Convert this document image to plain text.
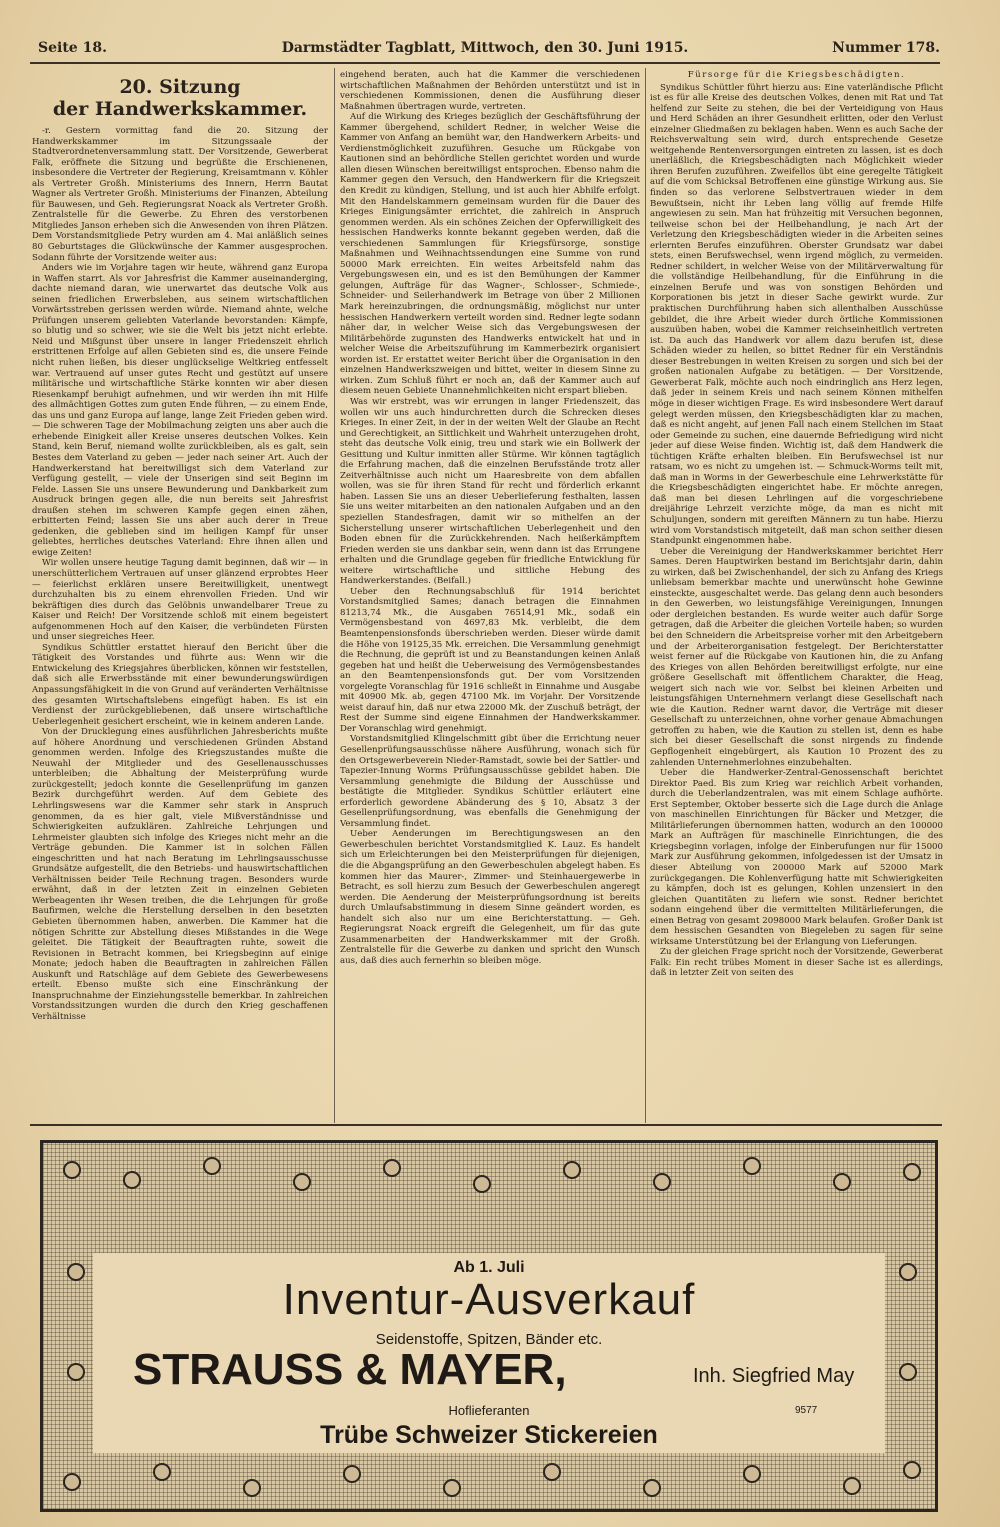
Seite 18.	Darmstädter Tagblatt, Mittwoch, den 30. Juni 1915.	Nummer 178.
20. Sitzung
der Handwerkskammer.

-r. Gestern vormittag fand die 20. Sitzung der Handwerkskammer im Sitzungssaale der Stadtverordnetenversammlung statt. Der Vorsitzende, Gewerberat Falk, eröffnete die Sitzung und begrüßte die Erschienenen, insbesondere die Vertreter der Regierung, Kreisamtmann v. Köhler als Vertreter Großh. Ministeriums des Innern, Herrn Bautat Wagner als Vertreter Großh. Ministeriums der Finanzen, Abteilung für Bauwesen, und Geh. Regierungsrat Noack als Vertreter Großh. Zentralstelle für die Gewerbe. Zu Ehren des verstorbenen Mitgliedes Janson erheben sich die Anwesenden von ihren Plätzen. Dem Vorstandsmitgliede Petry wurden am 4. Mai anläßlich seines 80 Geburtstages die Glückwünsche der Kammer ausgesprochen. Sodann führte der Vorsitzende weiter aus:

Anders wie im Vorjahre tagen wir heute, während ganz Europa in Waffen starrt. Als vor Jahresfrist die Kammer auseinanderging, dachte niemand daran, wie unerwartet das deutsche Volk aus seinen friedlichen Erwerbsleben, aus seinem wirtschaftlichen Vorwärtsstreben gerissen werden würde. Niemand ahnte, welche Prüfungen unserem geliebten Vaterlande bevorstanden: Kämpfe, so blutig und so schwer, wie sie die Welt bis jetzt nicht erlebte. Neid und Mißgunst über unsere in langer Friedenszeit ehrlich erstrittenen Erfolge auf allen Gebieten sind es, die unsere Feinde nicht ruhen ließen, bis dieser unglückselige Weltkrieg entfesselt war. Vertrauend auf unser gutes Recht und gestützt auf unsere militärische und wirtschaftliche Stärke konnten wir aber diesen Riesenkampf beruhigt aufnehmen, und wir werden ihn mit Hilfe des allmächtigen Gottes zum guten Ende führen, — zu einem Ende, das uns und ganz Europa auf lange, lange Zeit Frieden geben wird. — Die schweren Tage der Mobilmachung zeigten uns aber auch die erhebende Einigkeit aller Kreise unseres deutschen Volkes. Kein Stand, kein Beruf, niemand wollte zurückbleiben, als es galt, sein Bestes dem Vaterland zu geben — jeder nach seiner Art. Auch der Handwerkerstand hat bereitwilligst sich dem Vaterland zur Verfügung gestellt, — viele der Unserigen sind seit Beginn im Felde. Lassen Sie uns unsere Bewunderung und Dankbarkeit zum Ausdruck bringen gegen alle, die nun bereits seit Jahresfrist draußen stehen im schweren Kampfe gegen einen zähen, erbitterten Feind; lassen Sie uns aber auch derer in Treue gedenken, die geblieben sind im heiligen Kampf für unser geliebtes, herrliches deutsches Vaterland: Ehre ihnen allen und ewige Zeiten!

Wir wollen unsere heutige Tagung damit beginnen, daß wir — in unerschütterlichem Vertrauen auf unser glänzend erprobtes Heer — feierlichst erklären unsere Bereitwilligkeit, unentwegt durchzuhalten bis zu einem ehrenvollen Frieden. Und wir bekräftigen dies durch das Gelöbnis unwandelbarer Treue zu Kaiser und Reich! Der Vorsitzende schloß mit einem begeistert aufgenommenen Hoch auf den Kaiser, die verbündeten Fürsten und unser siegreiches Heer.

Syndikus Schüttler erstattet hierauf den Bericht über die Tätigkeit des Vorstandes und führte aus: Wenn wir die Entwickelung des Kriegsjahres überblicken, können wir feststellen, daß sich alle Erwerbsstände mit einer bewunderungswürdigen Anpassungsfähigkeit in die von Grund auf veränderten Verhältnisse des gesamten Wirtschaftslebens eingefügt haben. Es ist ein Verdienst der zurückgebliebenen, daß unsere wirtschaftliche Ueberlegenheit gesichert erscheint, wie in keinem anderen Lande.

Von der Drucklegung eines ausführlichen Jahresberichts mußte auf höhere Anordnung und verschiedenen Gründen Abstand genommen werden. Infolge des Kriegszustandes mußte die Neuwahl der Mitglieder und des Gesellenausschusses unterbleiben; die Abhaltung der Meisterprüfung wurde zurückgestellt; jedoch konnte die Gesellenprüfung im ganzen Bezirk durchgeführt werden. Auf dem Gebiete des Lehrlingswesens war die Kammer sehr stark in Anspruch genommen, da es hier galt, viele Mißverständnisse und Schwierigkeiten aufzuklären. Zahlreiche Lehrjungen und Lehrmeister glaubten sich infolge des Krieges nicht mehr an die Verträge gebunden. Die Kammer ist in solchen Fällen eingeschritten und hat nach Beratung im Lehrlingsausschusse Grundsätze aufgestellt, die den Betriebs- und hauswirtschaftlichen Verhältnissen beider Teile Rechnung tragen. Besonders wurde erwähnt, daß in der letzten Zeit in einzelnen Gebieten Werbeagenten ihr Wesen treiben, die die Lehrjungen für große Baufirmen, welche die Herstellung derselben in den besetzten Gebieten übernommen haben, anwerben. Die Kammer hat die nötigen Schritte zur Abstellung dieses Mißstandes in die Wege geleitet. Die Tätigkeit der Beauftragten ruhte, soweit die Revisionen in Betracht kommen, bei Kriegsbeginn auf einige Monate; jedoch haben die Beauftragten in zahlreichen Fällen Auskunft und Ratschläge auf dem Gebiete des Gewerbewesens erteilt. Ebenso mußte sich eine Einschränkung der Inanspruchnahme der Einziehungsstelle bemerkbar. In zahlreichen Vorstandssitzungen wurden die durch den Krieg geschaffenen Verhältnisse

eingehend beraten, auch hat die Kammer die verschiedenen wirtschaftlichen Maßnahmen der Behörden unterstützt und ist in verschiedenen Kommissionen, denen die Ausführung dieser Maßnahmen übertragen wurde, vertreten.

Auf die Wirkung des Krieges bezüglich der Geschäftsführung der Kammer übergehend, schildert Redner, in welcher Weise die Kammer von Anfang an bemüht war, den Handwerkern Arbeits- und Verdienstmöglichkeit zuzuführen. Gesuche um Rückgabe von Kautionen sind an behördliche Stellen gerichtet worden und wurde allen diesen Wünschen bereitwilligst entsprochen. Ebenso nahm die Kammer gegen den Versuch, den Handwerkern für die Kriegszeit den Kredit zu kündigen, Stellung, und ist auch hier Abhilfe erfolgt. Mit den Handelskammern gemeinsam wurden für die Dauer des Krieges Einigungsämter errichtet, die zahlreich in Anspruch genommen werden. Als ein schönes Zeichen der Opferwilligkeit des hessischen Handwerks konnte bekannt gegeben werden, daß die verschiedenen Sammlungen für Kriegsfürsorge, sonstige Maßnahmen und Weihnachtssendungen eine Summe von rund 50000 Mark erreichten. Ein weites Arbeitsfeld nahm das Vergebungswesen ein, und es ist den Bemühungen der Kammer gelungen, Aufträge für das Wagner-, Schlosser-, Schmiede-, Schneider- und Seilerhandwerk im Betrage von über 2 Millionen Mark hereinzubringen, die ordnungsmäßig, möglichst nur unter hessischen Handwerkern verteilt worden sind. Redner legte sodann näher dar, in welcher Weise sich das Vergebungswesen der Militärbehörde zugunsten des Handwerks entwickelt hat und in welcher Weise die Arbeitszuführung im Kammerbezirk organisiert worden ist. Er erstattet weiter Bericht über die Organisation in den einzelnen Handwerkszweigen und bittet, weiter in diesem Sinne zu wirken. Zum Schluß führt er noch an, daß der Kammer auch auf diesem neuen Gebiete Unannehmlichkeiten nicht erspart blieben.

Was wir erstrebt, was wir errungen in langer Friedenszeit, das wollen wir uns auch hindurchretten durch die Schrecken dieses Krieges. In einer Zeit, in der in der weiten Welt der Glaube an Recht und Gerechtigkeit, an Sittlichkeit und Wahrheit unterzugehen droht, steht das deutsche Volk einig, treu und stark wie ein Bollwerk der Gesittung und Kultur inmitten aller Stürme. Wir können tagtäglich die Erfahrung machen, daß die einzelnen Berufsstände trotz aller Zeitverhältnisse auch nicht um Haaresbreite von dem abfallen wollen, was sie für ihren Stand für recht und förderlich erkannt haben. Lassen Sie uns an dieser Ueberlieferung festhalten, lassen Sie uns weiter mitarbeiten an den nationalen Aufgaben und an den speziellen Standesfragen, damit wir so mithelfen an der Sicherstellung unserer wirtschaftlichen Ueberlegenheit und den Boden ebnen für die Zurückkehrenden. Nach heißerkämpftem Frieden werden sie uns dankbar sein, wenn dann ist das Errungene erhalten und die Grundlage gegeben für friedliche Entwicklung für weitere wirtschaftliche und sittliche Hebung des Handwerkerstandes. (Beifall.)

Ueber den Rechnungsabschluß für 1914 berichtet Vorstandsmitglied Sames; danach betragen die Einnahmen 81213,74 Mk., die Ausgaben 76514,91 Mk., sodaß ein Vermögensbestand von 4697,83 Mk. verbleibt, die dem Beamtenpensionsfonds überschrieben werden. Dieser würde damit die Höhe von 19125,35 Mk. erreichen. Die Versammlung genehmigt die Rechnung, die geprüft ist und zu Beanstandungen keinen Anlaß gegeben hat und heißt die Ueberweisung des Vermögensbestandes an den Beamtenpensionsfonds gut. Der vom Vorsitzenden vorgelegte Voranschlag für 1916 schließt in Einnahme und Ausgabe mit 40900 Mk. ab, gegen 47100 Mk. im Vorjahr. Der Vorsitzende weist darauf hin, daß nur etwa 22000 Mk. der Zuschuß beträgt, der Rest der Summe sind eigene Einnahmen der Handwerkskammer. Der Voranschlag wird genehmigt.

Vorstandsmitglied Klingelschmitt gibt über die Errichtung neuer Gesellenprüfungsausschüsse nähere Ausführung, wonach sich für den Ortsgewerbeverein Nieder-Ramstadt, sowie bei der Sattler- und Tapezier-Innung Worms Prüfungsausschüsse gebildet haben. Die Versammlung genehmigte die Bildung der Ausschüsse und bestätigte die Mitglieder. Syndikus Schüttler erläutert eine erforderlich gewordene Abänderung des § 10, Absatz 3 der Gesellenprüfungsordnung, was ebenfalls die Genehmigung der Versammlung findet.

Ueber Aenderungen im Berechtigungswesen an den Gewerbeschulen berichtet Vorstandsmitglied K. Lauz. Es handelt sich um Erleichterungen bei den Meisterprüfungen für diejenigen, die die Abgangsprüfung an den Gewerbeschulen abgelegt haben. Es kommen hier das Maurer-, Zimmer- und Steinhauergewerbe in Betracht, es soll hierzu zum Besuch der Gewerbeschulen angeregt werden. Die Aenderung der Meisterprüfungsordnung ist bereits durch Umlaufsabstimmung in diesem Sinne geändert worden, es handelt sich also nur um eine Berichterstattung. — Geh. Regierungsrat Noack ergreift die Gelegenheit, um für das gute Zusammenarbeiten der Handwerkskammer mit der Großh. Zentralstelle für die Gewerbe zu danken und spricht den Wunsch aus, daß dies auch fernerhin so bleiben möge.

Fürsorge für die Kriegsbeschädigten.

Syndikus Schüttler führt hierzu aus: Eine vaterländische Pflicht ist es für alle Kreise des deutschen Volkes, denen mit Rat und Tat helfend zur Seite zu stehen, die bei der Verteidigung von Haus und Herd Schäden an ihrer Gesundheit erlitten, oder den Verlust einzelner Gliedmaßen zu beklagen haben. Wenn es auch Sache der Reichsverwaltung sein wird, durch entsprechende Gesetze weitgehende Rentenversorgungen eintreten zu lassen, ist es doch unerläßlich, die Kriegsbeschädigten nach Möglichkeit wieder ihren Berufen zuzuführen. Zweifellos übt eine geregelte Tätigkeit auf die vom Schicksal Betroffenen eine günstige Wirkung aus. Sie finden so das verlorene Selbstvertrauen wieder in dem Bewußtsein, nicht ihr Leben lang völlig auf fremde Hilfe angewiesen zu sein. Man hat frühzeitig mit Versuchen begonnen, teilweise schon bei der Heilbehandlung, je nach Art der Verletzung den Kriegsbeschädigten wieder in die Arbeiten seines erlernten Berufes einzuführen. Oberster Grundsatz war dabei stets, einen Berufswechsel, wenn irgend möglich, zu vermeiden. Redner schildert, in welcher Weise von der Militärverwaltung für die vollständige Heilbehandlung, für die Einführung in die einzelnen Berufe und was von sonstigen Behörden und Korporationen bis jetzt in dieser Sache gewirkt wurde. Zur praktischen Durchführung haben sich allenthalben Ausschüsse gebildet, die ihre Arbeit wieder durch örtliche Kommissionen auszuüben haben, wobei die Kammer reichseinheitlich vertreten ist. Da auch das Handwerk vor allem dazu berufen ist, diese Schäden wieder zu heilen, so bittet Redner für ein Verständnis dieser Bestrebungen in weiten Kreisen zu sorgen und sich bei der großen nationalen Aufgabe zu betätigen. — Der Vorsitzende, Gewerberat Falk, möchte auch noch eindringlich ans Herz legen, daß jeder in seinem Kreis und nach seinem Können mithelfen möge in dieser wichtigen Frage. Es wird insbesondere Wert darauf gelegt werden müssen, den Kriegsbeschädigten klar zu machen, daß es nicht angeht, auf jenen Fall nach einem Stellchen im Staat oder Gemeinde zu suchen, eine dauernde Befriedigung wird nicht jeder auf diese Weise finden. Wichtig ist, daß dem Handwerk die tüchtigen Kräfte erhalten bleiben. Ein Berufswechsel ist nur ratsam, wo es nicht zu umgehen ist. — Schmuck-Worms teilt mit, daß man in Worms in der Gewerbeschule eine Lehrwerkstätte für die Kriegsbeschädigten eingerichtet habe. Er möchte anregen, daß man bei diesen Lehrlingen auf die vorgeschriebene dreijährige Lehrzeit verzichte möge, da man es nicht mit Schuljungen, sondern mit gereiften Männern zu tun habe. Hierzu wird vom Vorstandstisch mitgeteilt, daß man schon seither diesen Standpunkt eingenommen habe.

Ueber die Vereinigung der Handwerkskammer berichtet Herr Sames. Deren Hauptwirken bestand im Berichtsjahr darin, dahin zu wirken, daß bei Zwischenhandel, der sich zu Anfang des Kriegs unliebsam bemerkbar machte und unerwünscht hohe Gewinne einsteckte, ausgeschaltet werde. Das gelang denn auch besonders in den Gewerben, wo leistungsfähige Vereinigungen, Innungen oder dergleichen bestanden. Es wurde weiter auch dafür Sorge getragen, daß die Arbeiter die gleichen Vorteile haben; so wurden bei den Schneidern die Arbeitspreise vorher mit den Arbeitgebern und der Arbeiterorganisation festgelegt. Der Berichterstatter weist ferner auf die Rückgabe von Kautionen hin, die zu Anfang des Krieges von allen Behörden bereitwilligst erfolgte, nur eine größere Gesellschaft mit öffentlichem Charakter, die Heag, weigert sich nach wie vor. Selbst bei kleinen Arbeiten und leistungsfähigen Unternehmern verlangt diese Gesellschaft nach wie die Kaution. Redner warnt davor, die Verträge mit dieser Gesellschaft zu unterzeichnen, ohne vorher genaue Abmachungen getroffen zu haben, wie die Kaution zu stellen ist, denn es habe sich bei dieser Gesellschaft die sonst nirgends zu findende Gepflogenheit eingebürgert, als Kaution 10 Prozent des zu zahlenden Unternehmerlohnes einzubehalten.

Ueber die Handwerker-Zentral-Genossenschaft berichtet Direktor Paed. Bis zum Krieg war reichlich Arbeit vorhanden, durch die Ueberlandzentralen, was mit einem Schlage aufhörte. Erst September, Oktober besserte sich die Lage durch die Anlage von maschinellen Einrichtungen für Bäcker und Metzger, die Militärlieferungen übernommen hatten, wodurch an den 100000 Mark an Aufträgen für maschinelle Einrichtungen, die des Kriegsbeginn vorlagen, infolge der Einberufungen nur für 15000 Mark zur Ausführung gekommen, infolgedessen ist der Umsatz in dieser Abteilung von 200000 Mark auf 52000 Mark zurückgegangen. Die Kohlenverfügung hatte mit Schwierigkeiten zu kämpfen, doch ist es gelungen, Kohlen unzensiert in den gleichen Quantitäten zu liefern wie sonst. Redner berichtet sodann eingehend über die vermittelten Militärlieferungen, die einen Betrag von gesamt 2098000 Mark belaufen. Großer Dank ist dem hessischen Gesandten von Biegeleben zu sagen für seine wirksame Unterstützung bei der Erlangung von Lieferungen.

Zu der gleichen Frage spricht noch der Vorsitzende, Gewerberat Falk: Ein recht trübes Moment in dieser Sache ist es allerdings, daß in letzter Zeit von seiten des

Ab 1. Juli
Inventur-Ausverkauf
Seidenstoffe, Spitzen, Bänder etc.
STRAUSS & MAYER,	Inh. Siegfried May
Hoflieferanten	9577
Trübe Schweizer Stickereien
